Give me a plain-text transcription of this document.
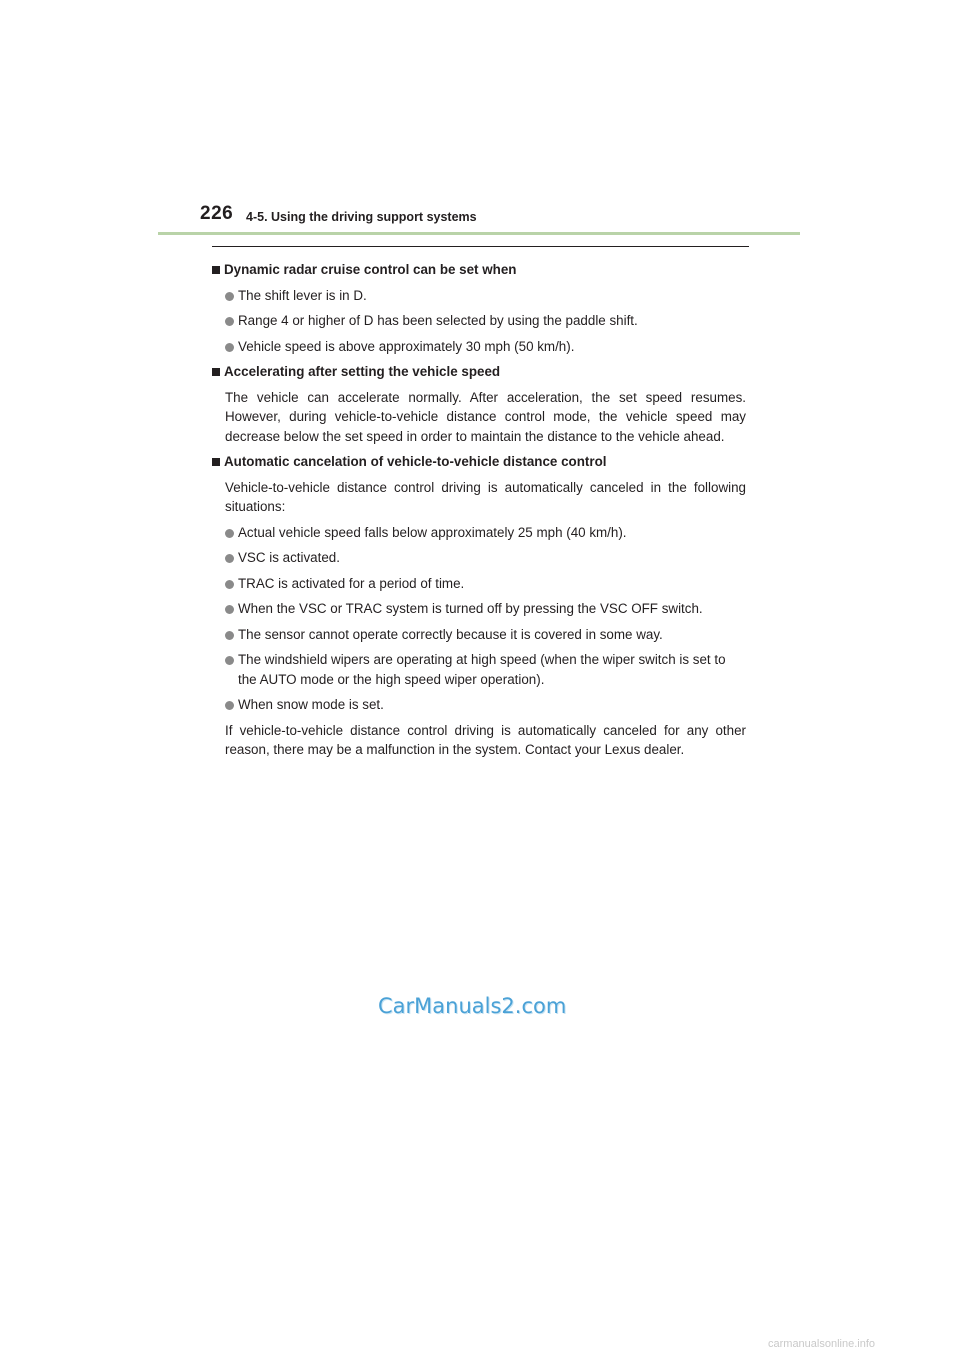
226 4-5. Using the driving support systems
Dynamic radar cruise control can be set when
The shift lever is in D.
Range 4 or higher of D has been selected by using the paddle shift.
Vehicle speed is above approximately 30 mph (50 km/h).
Accelerating after setting the vehicle speed
The vehicle can accelerate normally. After acceleration, the set speed resumes. However, during vehicle-to-vehicle distance control mode, the vehicle speed may decrease below the set speed in order to maintain the distance to the vehicle ahead.
Automatic cancelation of vehicle-to-vehicle distance control
Vehicle-to-vehicle distance control driving is automatically canceled in the following situations:
Actual vehicle speed falls below approximately 25 mph (40 km/h).
VSC is activated.
TRAC is activated for a period of time.
When the VSC or TRAC system is turned off by pressing the VSC OFF switch.
The sensor cannot operate correctly because it is covered in some way.
The windshield wipers are operating at high speed (when the wiper switch is set to the AUTO mode or the high speed wiper operation).
When snow mode is set.
If vehicle-to-vehicle distance control driving is automatically canceled for any other reason, there may be a malfunction in the system. Contact your Lexus dealer.
CarManuals2.com
carmanualsonline.info
